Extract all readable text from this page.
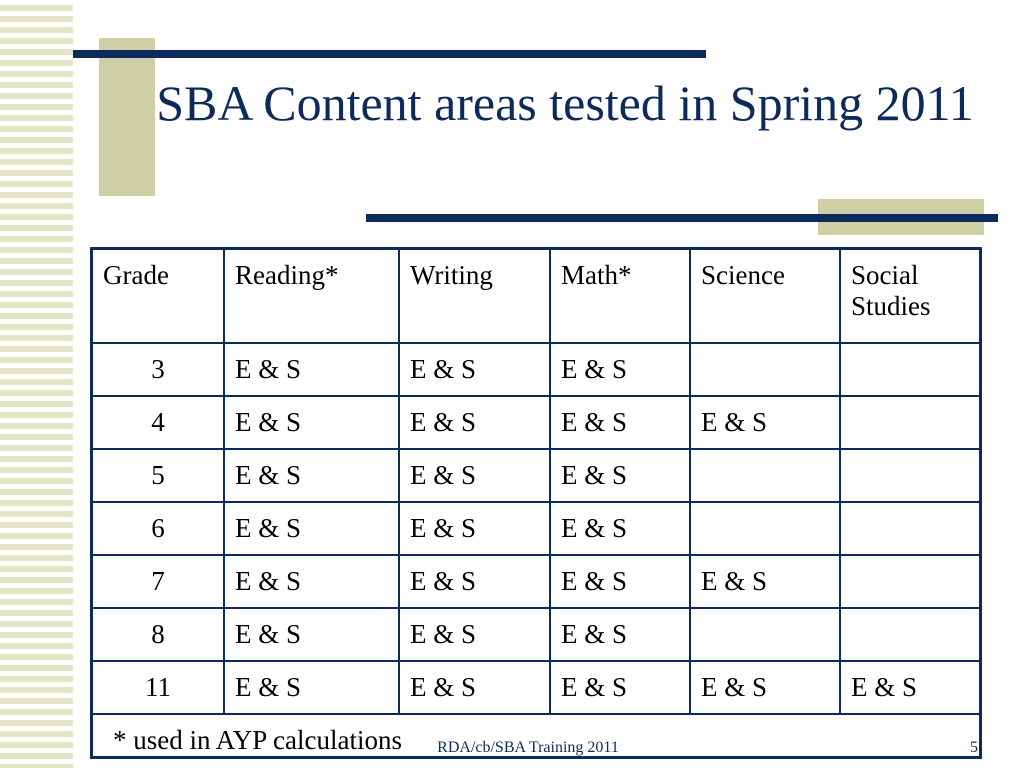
SBA Content areas tested in Spring 2011
Grade	Reading*	Writing	Math*	Science	Social Studies
3	E & S	E & S	E & S		
4	E & S	E & S	E & S	E & S	
5	E & S	E & S	E & S		
6	E & S	E & S	E & S		
7	E & S	E & S	E & S	E & S	
8	E & S	E & S	E & S		
11	E & S	E & S	E & S	E & S	E & S
* used in AYP calculations						RDA/cb/SBA Training 2011	5
